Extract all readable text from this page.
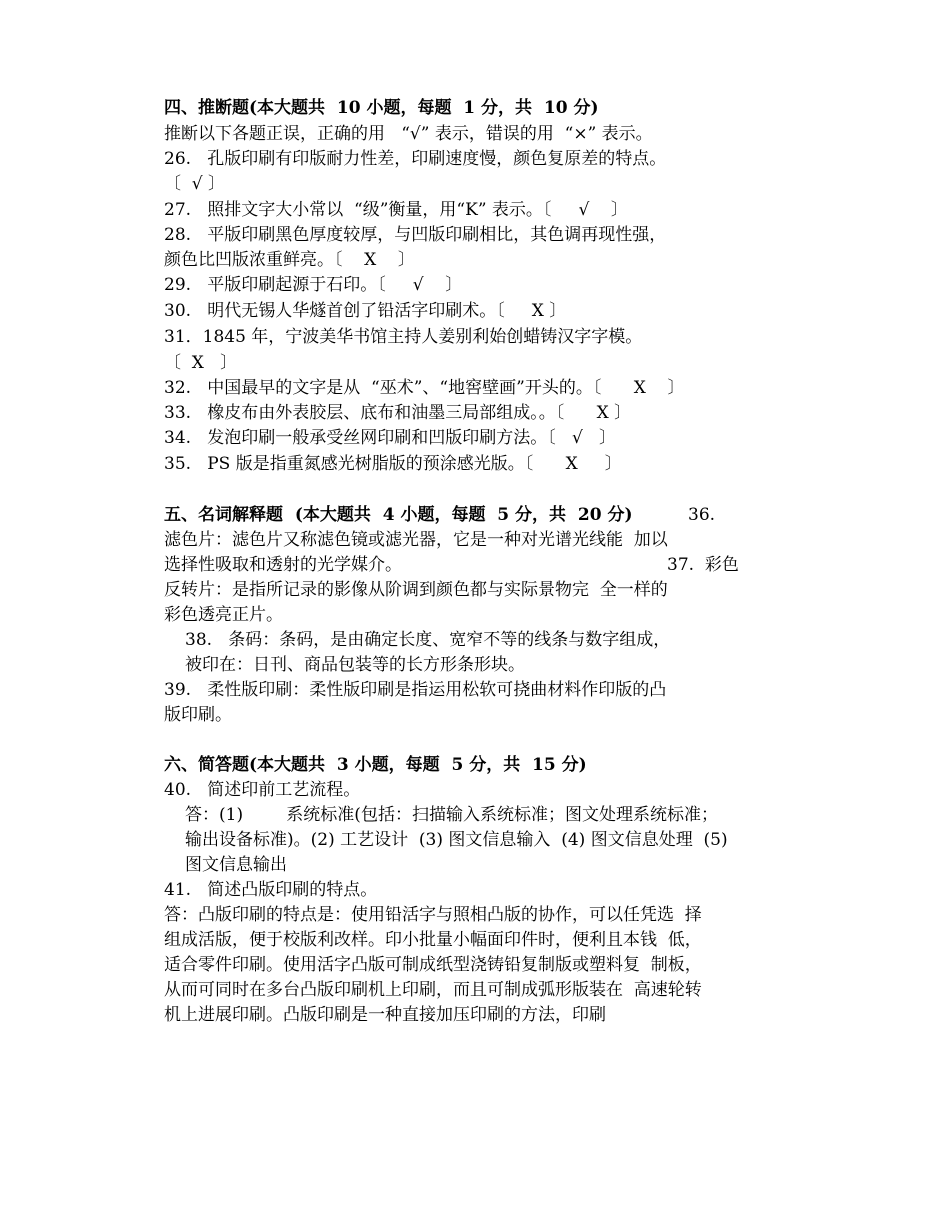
四、推断题(本大题共  10 小题，每题  1 分，共  10 分)
推断以下各题正误，正确的用   “√” 表示，错误的用  “×” 表示。
26.   孔版印刷有印版耐力性差，印刷速度慢，颜色复原差的特点。
〔  √ 〕
27.   照排文字大小常以  “级”衡量，用“K” 表示。〔     √    〕
28.   平版印刷黑色厚度较厚，与凹版印刷相比，其色调再现性强，
颜色比凹版浓重鲜亮。〔    X    〕
29.   平版印刷起源于石印。〔     √    〕
30.   明代无锡人华燧首创了铅活字印刷术。〔     X 〕
31．1845 年，宁波美华书馆主持人姜别利始创蜡铸汉字字模。
〔  X   〕
32.   中国最早的文字是从  “巫术”、“地窖壁画”开头的。〔      X    〕
33.   橡皮布由外表胶层、底布和油墨三局部组成。。〔      X 〕
34.   发泡印刷一般承受丝网印刷和凹版印刷方法。〔   √   〕
35.   PS 版是指重氮感光树脂版的预涂感光版。〔      X     〕
五、名词解释题  (本大题共  4 小题，每题  5 分，共  20 分)	36.
滤色片：滤色片又称滤色镜或滤光器，它是一种对光谱光线能  加以
选择性吸取和透射的光学媒介。	37.  彩色
反转片：是指所记录的影像从阶调到颜色都与实际景物完  全一样的
彩色透亮正片。
38.   条码：条码，是由确定长度、宽窄不等的线条与数字组成，
被印在：日刊、商品包装等的长方形条形块。
39.   柔性版印刷：柔性版印刷是指运用松软可挠曲材料作印版的凸
版印刷。
六、简答题(本大题共  3 小题，每题  5 分，共  15 分)
40.   简述印前工艺流程。
答：(1)        系统标准(包括：扫描输入系统标准；图文处理系统标准；
输出设备标准)。(2) 工艺设计  (3) 图文信息输入  (4) 图文信息处理  (5)
图文信息输出
41.   简述凸版印刷的特点。
答：凸版印刷的特点是：使用铅活字与照相凸版的协作，可以任凭选  择
组成活版，便于校版利改样。印小批量小幅面印件时，便利且本钱  低，
适合零件印刷。使用活字凸版可制成纸型浇铸铅复制版或塑料复  制板，
从而可同时在多台凸版印刷机上印刷，而且可制成弧形版装在  高速轮转
机上进展印刷。凸版印刷是一种直接加压印刷的方法，印刷
